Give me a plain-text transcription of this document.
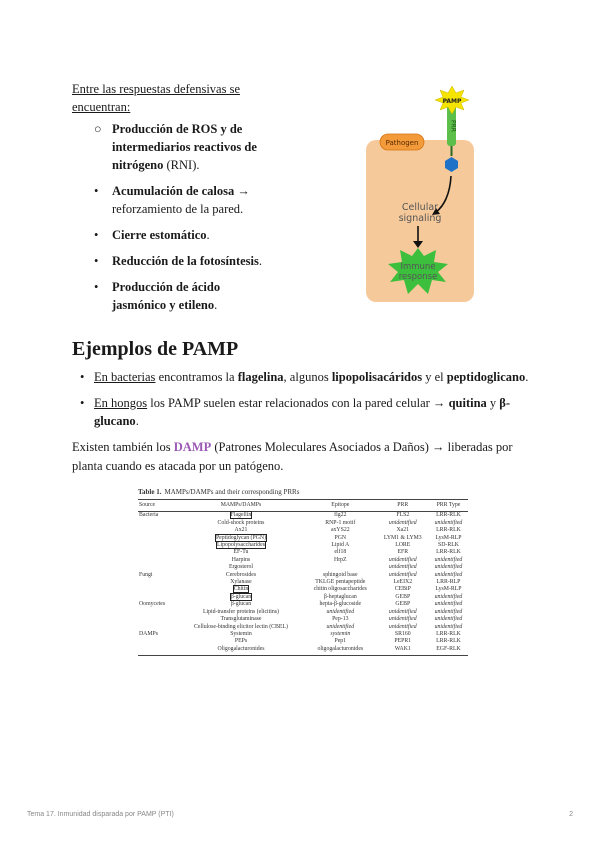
Entre las respuestas defensivas se encuentran:
○ Producción de ROS y de intermediarios reactivos de nitrógeno (RNI).
• Acumulación de calosa → reforzamiento de la pared.
• Cierre estomático.
• Reducción de la fotosíntesis.
• Producción de ácido jasmónico y etileno.
PRR
PAMP
Pathogen
Cellular
signaling
Immune
response
Ejemplos de PAMP
• En bacterias encontramos la flagelina, algunos lipopolisacáridos y el peptidoglicano.
• En hongos los PAMP suelen estar relacionados con la pared celular → quitina y β-glucano.
Existen también los DAMP (Patrones Moleculares Asociados a Daños) → liberadas por planta cuando es atacada por un patógeno.
Table 1. MAMPs/DAMPs and their corresponding PRRs
Source	MAMPs/DAMPs	Epitope	PRR	PRR Type
Bacteria	Flagellin	flg22	FLS2	LRR-RLK
	Cold-shock proteins	RNP-1 motif	unidentified	unidentified
	Ax21	axYS22	Xa21	LRR-RLK
	Peptidoglycan (PGN)	PGN	LYM1 & LYM3	LysM-RLP
	Lipopolysaccharides	Lipid A	LORE	SD-RLK
	EF-Tu	elf18	EFR	LRR-RLK
	Harpins	HrpZ	unidentified	unidentified
	Ergosterol		unidentified	unidentified
Fungi	Cerebrosides	sphingoid base	unidentified	unidentified
	Xylanase	TKLGE pentapeptide	LeEIX2	LRR-RLP
	Chitin	chitin oligosaccharides	CEBiP	LysM-RLP
	β-glucan	β-heptaglucan	GEBP	unidentified
Oomycetes	β-glucan	hepta-β-glucoside	GEBP	unidentified
	Lipid-transfer proteins (elicitins)	unidentified	unidentified	unidentified
	Transglutaminase	Pep-13	unidentified	unidentified
	Cellulose-binding elicitor lectin (CBEL)	unidentified	unidentified	unidentified
DAMPs	Systemin	systemin	SR160	LRR-RLK
	PEPs	Pep1	PEPR1	LRR-RLK
	Oligogalacturonides	oligogalacturonides	WAK1	EGF-RLK
Tema 17. Inmunidad disparada por PAMP (PTI)	2
